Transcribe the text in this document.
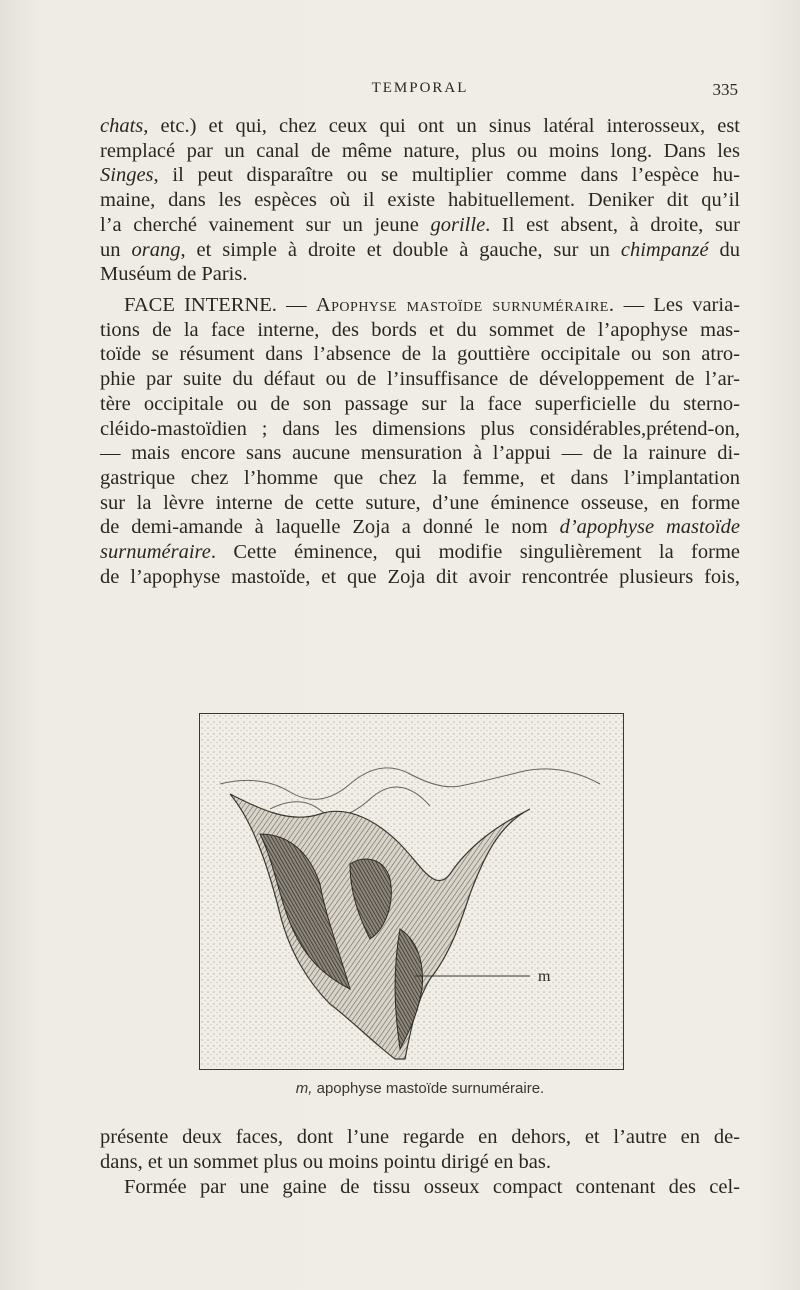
TEMPORAL	335
chats, etc.) et qui, chez ceux qui ont un sinus latéral interosseux, est
remplacé par un canal de même nature, plus ou moins long. Dans les
Singes, il peut disparaître ou se multiplier comme dans l’espèce hu-
maine, dans les espèces où il existe habituellement. Deniker dit qu’il
l’a cherché vainement sur un jeune gorille. Il est absent, à droite, sur
un orang, et simple à droite et double à gauche, sur un chimpanzé du
Muséum de Paris.
FACE INTERNE. — Apophyse mastoïde surnuméraire. — Les varia-
tions de la face interne, des bords et du sommet de l’apophyse mas-
toïde se résument dans l’absence de la gouttière occipitale ou son atro-
phie par suite du défaut ou de l’insuffisance de développement de l’ar-
tère occipitale ou de son passage sur la face superficielle du sterno-
cléido-mastoïdien ; dans les dimensions plus considérables,prétend-on,
— mais encore sans aucune mensuration à l’appui — de la rainure di-
gastrique chez l’homme que chez la femme, et dans l’implantation
sur la lèvre interne de cette suture, d’une éminence osseuse, en forme
de demi-amande à laquelle Zoja a donné le nom d’apophyse mastoïde
surnuméraire. Cette éminence, qui modifie singulièrement la forme
de l’apophyse mastoïde, et que Zoja dit avoir rencontrée plusieurs fois,
m
m, apophyse mastoïde surnuméraire.
présente deux faces, dont l’une regarde en dehors, et l’autre en de-
dans, et un sommet plus ou moins pointu dirigé en bas.
Formée par une gaine de tissu osseux compact contenant des cel-
